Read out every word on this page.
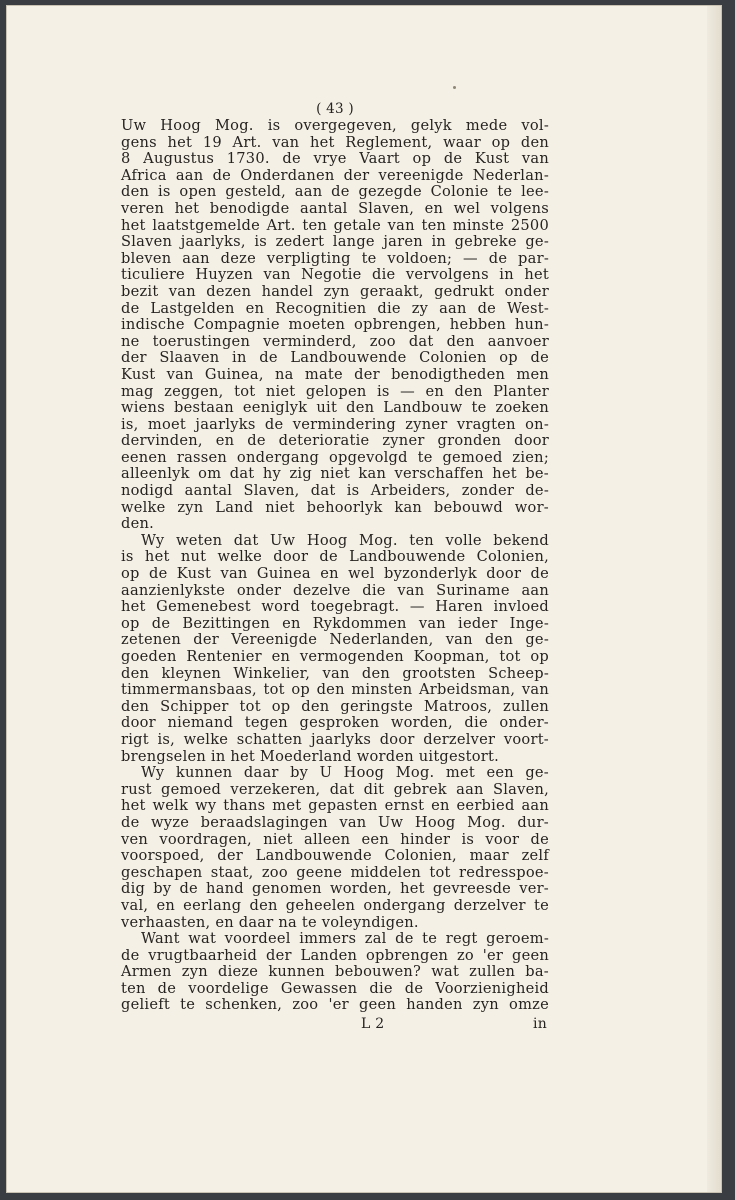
( 43 )
Uw Hoog Mog. is overgegeven, gelyk mede vol-
gens het 19 Art. van het Reglement, waar op den
8 Augustus 1730. de vrye Vaart op de Kust van
Africa aan de Onderdanen der vereenigde Nederlan-
den is open gesteld, aan de gezegde Colonie te lee-
veren het benodigde aantal Slaven, en wel volgens
het laatstgemelde Art. ten getale van ten minste 2500
Slaven jaarlyks, is zedert lange jaren in gebreke ge-
bleven aan deze verpligting te voldoen; — de par-
ticuliere Huyzen van Negotie die vervolgens in het
bezit van dezen handel zyn geraakt, gedrukt onder
de Lastgelden en Recognitien die zy aan de West-
indische Compagnie moeten opbrengen, hebben hun-
ne toerustingen verminderd, zoo dat den aanvoer
der Slaaven in de Landbouwende Colonien op de
Kust van Guinea, na mate der benodigtheden men
mag zeggen, tot niet gelopen is — en den Planter
wiens bestaan eeniglyk uit den Landbouw te zoeken
is, moet jaarlyks de vermindering zyner vragten on-
dervinden, en de deterioratie zyner gronden door
eenen rassen ondergang opgevolgd te gemoed zien;
alleenlyk om dat hy zig niet kan verschaffen het be-
nodigd aantal Slaven, dat is Arbeiders, zonder de-
welke zyn Land niet behoorlyk kan bebouwd wor-
den.
Wy weten dat Uw Hoog Mog. ten volle bekend
is het nut welke door de Landbouwende Colonien,
op de Kust van Guinea en wel byzonderlyk door de
aanzienlykste onder dezelve die van Suriname aan
het Gemenebest word toegebragt. — Haren invloed
op de Bezittingen en Rykdommen van ieder Inge-
zetenen der Vereenigde Nederlanden, van den ge-
goeden Rentenier en vermogenden Koopman, tot op
den kleynen Winkelier, van den grootsten Scheep-
timmermansbaas, tot op den minsten Arbeidsman, van
den Schipper tot op den geringste Matroos, zullen
door niemand tegen gesproken worden, die onder-
rigt is, welke schatten jaarlyks door derzelver voort-
brengselen in het Moederland worden uitgestort.
Wy kunnen daar by U Hoog Mog. met een ge-
rust gemoed verzekeren, dat dit gebrek aan Slaven,
het welk wy thans met gepasten ernst en eerbied aan
de wyze beraadslagingen van Uw Hoog Mog. dur-
ven voordragen, niet alleen een hinder is voor de
voorspoed, der Landbouwende Colonien, maar zelf
geschapen staat, zoo geene middelen tot redresspoe-
dig by de hand genomen worden, het gevreesde ver-
val, en eerlang den geheelen ondergang derzelver te
verhaasten, en daar na te voleyndigen.
Want wat voordeel immers zal de te regt geroem-
de vrugtbaarheid der Landen opbrengen zo 'er geen
Armen zyn dieze kunnen bebouwen? wat zullen ba-
ten de voordelige Gewassen die de Voorzienigheid
gelieft te schenken, zoo 'er geen handen zyn omze
L 2	in
